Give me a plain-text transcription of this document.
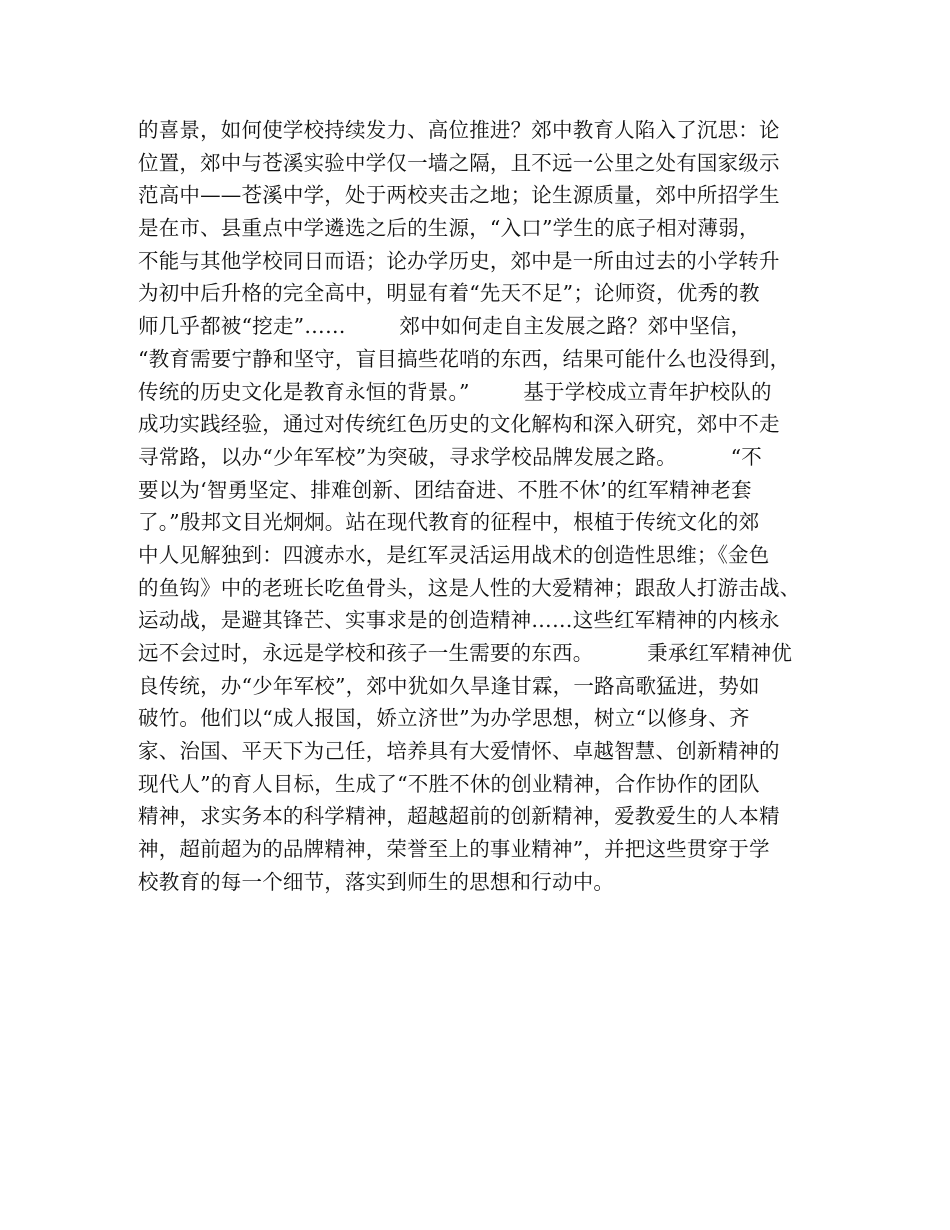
的喜景，如何使学校持续发力、高位推进？郊中教育人陷入了沉思：论
位置，郊中与苍溪实验中学仅一墙之隔，且不远一公里之处有国家级示
范高中——苍溪中学，处于两校夹击之地；论生源质量，郊中所招学生
是在市、县重点中学遴选之后的生源，“入口”学生的底子相对薄弱，
不能与其他学校同日而语；论办学历史，郊中是一所由过去的小学转升
为初中后升格的完全高中，明显有着“先天不足”；论师资，优秀的教
师几乎都被“挖走”……        郊中如何走自主发展之路？郊中坚信，
“教育需要宁静和坚守，盲目搞些花哨的东西，结果可能什么也没得到，
传统的历史文化是教育永恒的背景。”        基于学校成立青年护校队的
成功实践经验，通过对传统红色历史的文化解构和深入研究，郊中不走
寻常路，以办“少年军校”为突破，寻求学校品牌发展之路。        “不
要以为‘智勇坚定、排难创新、团结奋进、不胜不休’的红军精神老套
了。”殷邦文目光炯炯。站在现代教育的征程中，根植于传统文化的郊
中人见解独到：四渡赤水，是红军灵活运用战术的创造性思维；《金色
的鱼钩》中的老班长吃鱼骨头，这是人性的大爱精神；跟敌人打游击战、
运动战，是避其锋芒、实事求是的创造精神……这些红军精神的内核永
远不会过时，永远是学校和孩子一生需要的东西。        秉承红军精神优
良传统，办“少年军校”，郊中犹如久旱逢甘霖，一路高歌猛进，势如
破竹。他们以“成人报国，娇立济世”为办学思想，树立“以修身、齐
家、治国、平天下为己任，培养具有大爱情怀、卓越智慧、创新精神的
现代人”的育人目标，生成了“不胜不休的创业精神，合作协作的团队
精神，求实务本的科学精神，超越超前的创新精神，爱教爱生的人本精
神，超前超为的品牌精神，荣誉至上的事业精神”，并把这些贯穿于学
校教育的每一个细节，落实到师生的思想和行动中。
